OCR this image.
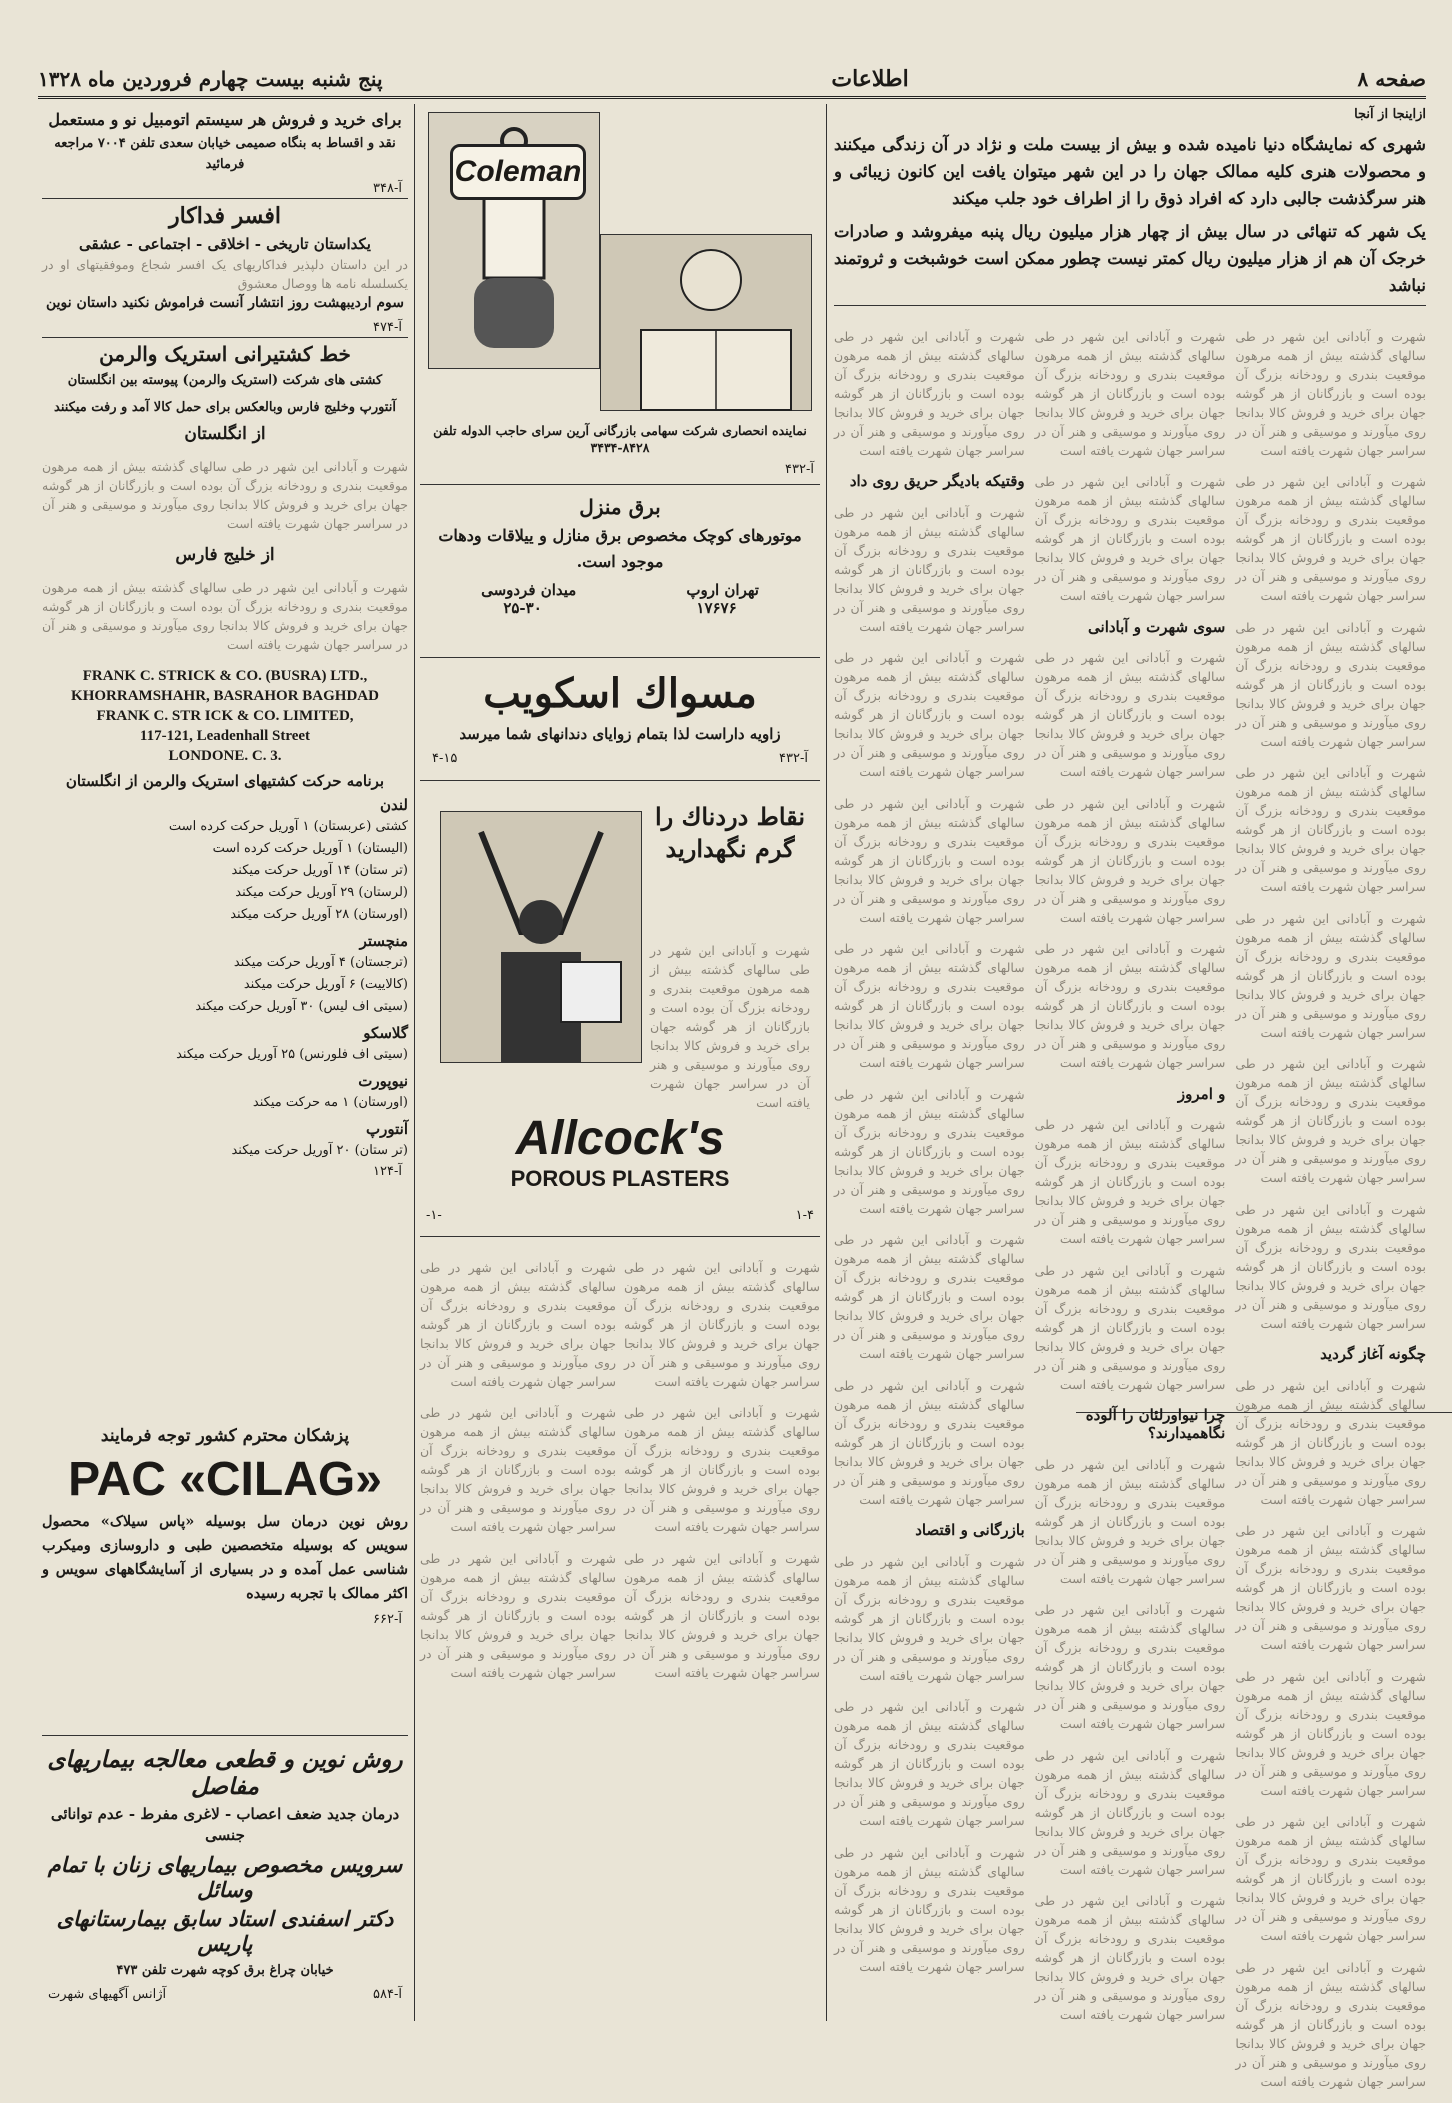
صفحه ۸
اطلاعات
پنج شنبه بیست چهارم فروردین ماه ۱۳۲۸
ازاینجا از آنجا
شهری که نمایشگاه دنیا نامیده شده و بیش از بیست ملت و نژاد در آن زندگی میکنند و محصولات هنری کلیه ممالک جهان را در این شهر میتوان یافت این کانون زیبائی و هنر سرگذشت جالبی دارد که افراد ذوق را از اطراف خود جلب میکند
یک شهر که تنهائی در سال بیش از چهار هزار میلیون ریال پنبه میفروشد و صادرات خرجک آن هم از هزار میلیون ریال کمتر نیست چطور ممکن است خوشبخت و ثروتمند نباشد

شهرت و آبادانی این شهر در طی سالهای گذشته بیش از همه مرهون موقعیت بندری و رودخانه بزرگ آن بوده است و بازرگانان از هر گوشه جهان برای خرید و فروش کالا بدانجا روی میآورند و موسیقی و هنر آن در سراسر جهان شهرت یافته است

شهرت و آبادانی این شهر در طی سالهای گذشته بیش از همه مرهون موقعیت بندری و رودخانه بزرگ آن بوده است و بازرگانان از هر گوشه جهان برای خرید و فروش کالا بدانجا روی میآورند و موسیقی و هنر آن در سراسر جهان شهرت یافته است

شهرت و آبادانی این شهر در طی سالهای گذشته بیش از همه مرهون موقعیت بندری و رودخانه بزرگ آن بوده است و بازرگانان از هر گوشه جهان برای خرید و فروش کالا بدانجا روی میآورند و موسیقی و هنر آن در سراسر جهان شهرت یافته است

شهرت و آبادانی این شهر در طی سالهای گذشته بیش از همه مرهون موقعیت بندری و رودخانه بزرگ آن بوده است و بازرگانان از هر گوشه جهان برای خرید و فروش کالا بدانجا روی میآورند و موسیقی و هنر آن در سراسر جهان شهرت یافته است

شهرت و آبادانی این شهر در طی سالهای گذشته بیش از همه مرهون موقعیت بندری و رودخانه بزرگ آن بوده است و بازرگانان از هر گوشه جهان برای خرید و فروش کالا بدانجا روی میآورند و موسیقی و هنر آن در سراسر جهان شهرت یافته است

شهرت و آبادانی این شهر در طی سالهای گذشته بیش از همه مرهون موقعیت بندری و رودخانه بزرگ آن بوده است و بازرگانان از هر گوشه جهان برای خرید و فروش کالا بدانجا روی میآورند و موسیقی و هنر آن در سراسر جهان شهرت یافته است

شهرت و آبادانی این شهر در طی سالهای گذشته بیش از همه مرهون موقعیت بندری و رودخانه بزرگ آن بوده است و بازرگانان از هر گوشه جهان برای خرید و فروش کالا بدانجا روی میآورند و موسیقی و هنر آن در سراسر جهان شهرت یافته است

چگونه آغاز گردید

شهرت و آبادانی این شهر در طی سالهای گذشته بیش از همه مرهون موقعیت بندری و رودخانه بزرگ آن بوده است و بازرگانان از هر گوشه جهان برای خرید و فروش کالا بدانجا روی میآورند و موسیقی و هنر آن در سراسر جهان شهرت یافته است

شهرت و آبادانی این شهر در طی سالهای گذشته بیش از همه مرهون موقعیت بندری و رودخانه بزرگ آن بوده است و بازرگانان از هر گوشه جهان برای خرید و فروش کالا بدانجا روی میآورند و موسیقی و هنر آن در سراسر جهان شهرت یافته است

شهرت و آبادانی این شهر در طی سالهای گذشته بیش از همه مرهون موقعیت بندری و رودخانه بزرگ آن بوده است و بازرگانان از هر گوشه جهان برای خرید و فروش کالا بدانجا روی میآورند و موسیقی و هنر آن در سراسر جهان شهرت یافته است

شهرت و آبادانی این شهر در طی سالهای گذشته بیش از همه مرهون موقعیت بندری و رودخانه بزرگ آن بوده است و بازرگانان از هر گوشه جهان برای خرید و فروش کالا بدانجا روی میآورند و موسیقی و هنر آن در سراسر جهان شهرت یافته است

شهرت و آبادانی این شهر در طی سالهای گذشته بیش از همه مرهون موقعیت بندری و رودخانه بزرگ آن بوده است و بازرگانان از هر گوشه جهان برای خرید و فروش کالا بدانجا روی میآورند و موسیقی و هنر آن در سراسر جهان شهرت یافته است

شهرت و آبادانی این شهر در طی سالهای گذشته بیش از همه مرهون موقعیت بندری و رودخانه بزرگ آن بوده است و بازرگانان از هر گوشه جهان برای خرید و فروش کالا بدانجا روی میآورند و موسیقی و هنر آن در سراسر جهان شهرت یافته است

شهرت و آبادانی این شهر در طی سالهای گذشته بیش از همه مرهون موقعیت بندری و رودخانه بزرگ آن بوده است و بازرگانان از هر گوشه جهان برای خرید و فروش کالا بدانجا روی میآورند و موسیقی و هنر آن در سراسر جهان شهرت یافته است

سوی شهرت و آبادانی

شهرت و آبادانی این شهر در طی سالهای گذشته بیش از همه مرهون موقعیت بندری و رودخانه بزرگ آن بوده است و بازرگانان از هر گوشه جهان برای خرید و فروش کالا بدانجا روی میآورند و موسیقی و هنر آن در سراسر جهان شهرت یافته است

شهرت و آبادانی این شهر در طی سالهای گذشته بیش از همه مرهون موقعیت بندری و رودخانه بزرگ آن بوده است و بازرگانان از هر گوشه جهان برای خرید و فروش کالا بدانجا روی میآورند و موسیقی و هنر آن در سراسر جهان شهرت یافته است

شهرت و آبادانی این شهر در طی سالهای گذشته بیش از همه مرهون موقعیت بندری و رودخانه بزرگ آن بوده است و بازرگانان از هر گوشه جهان برای خرید و فروش کالا بدانجا روی میآورند و موسیقی و هنر آن در سراسر جهان شهرت یافته است

و امروز

شهرت و آبادانی این شهر در طی سالهای گذشته بیش از همه مرهون موقعیت بندری و رودخانه بزرگ آن بوده است و بازرگانان از هر گوشه جهان برای خرید و فروش کالا بدانجا روی میآورند و موسیقی و هنر آن در سراسر جهان شهرت یافته است

شهرت و آبادانی این شهر در طی سالهای گذشته بیش از همه مرهون موقعیت بندری و رودخانه بزرگ آن بوده است و بازرگانان از هر گوشه جهان برای خرید و فروش کالا بدانجا روی میآورند و موسیقی و هنر آن در سراسر جهان شهرت یافته است

چرا نیواورلئان را آلوده نگاهمیدارند؟

شهرت و آبادانی این شهر در طی سالهای گذشته بیش از همه مرهون موقعیت بندری و رودخانه بزرگ آن بوده است و بازرگانان از هر گوشه جهان برای خرید و فروش کالا بدانجا روی میآورند و موسیقی و هنر آن در سراسر جهان شهرت یافته است

شهرت و آبادانی این شهر در طی سالهای گذشته بیش از همه مرهون موقعیت بندری و رودخانه بزرگ آن بوده است و بازرگانان از هر گوشه جهان برای خرید و فروش کالا بدانجا روی میآورند و موسیقی و هنر آن در سراسر جهان شهرت یافته است

شهرت و آبادانی این شهر در طی سالهای گذشته بیش از همه مرهون موقعیت بندری و رودخانه بزرگ آن بوده است و بازرگانان از هر گوشه جهان برای خرید و فروش کالا بدانجا روی میآورند و موسیقی و هنر آن در سراسر جهان شهرت یافته است

شهرت و آبادانی این شهر در طی سالهای گذشته بیش از همه مرهون موقعیت بندری و رودخانه بزرگ آن بوده است و بازرگانان از هر گوشه جهان برای خرید و فروش کالا بدانجا روی میآورند و موسیقی و هنر آن در سراسر جهان شهرت یافته است

شهرت و آبادانی این شهر در طی سالهای گذشته بیش از همه مرهون موقعیت بندری و رودخانه بزرگ آن بوده است و بازرگانان از هر گوشه جهان برای خرید و فروش کالا بدانجا روی میآورند و موسیقی و هنر آن در سراسر جهان شهرت یافته است

وقتیکه بادیگر حریق روی داد

شهرت و آبادانی این شهر در طی سالهای گذشته بیش از همه مرهون موقعیت بندری و رودخانه بزرگ آن بوده است و بازرگانان از هر گوشه جهان برای خرید و فروش کالا بدانجا روی میآورند و موسیقی و هنر آن در سراسر جهان شهرت یافته است

شهرت و آبادانی این شهر در طی سالهای گذشته بیش از همه مرهون موقعیت بندری و رودخانه بزرگ آن بوده است و بازرگانان از هر گوشه جهان برای خرید و فروش کالا بدانجا روی میآورند و موسیقی و هنر آن در سراسر جهان شهرت یافته است

شهرت و آبادانی این شهر در طی سالهای گذشته بیش از همه مرهون موقعیت بندری و رودخانه بزرگ آن بوده است و بازرگانان از هر گوشه جهان برای خرید و فروش کالا بدانجا روی میآورند و موسیقی و هنر آن در سراسر جهان شهرت یافته است

شهرت و آبادانی این شهر در طی سالهای گذشته بیش از همه مرهون موقعیت بندری و رودخانه بزرگ آن بوده است و بازرگانان از هر گوشه جهان برای خرید و فروش کالا بدانجا روی میآورند و موسیقی و هنر آن در سراسر جهان شهرت یافته است

شهرت و آبادانی این شهر در طی سالهای گذشته بیش از همه مرهون موقعیت بندری و رودخانه بزرگ آن بوده است و بازرگانان از هر گوشه جهان برای خرید و فروش کالا بدانجا روی میآورند و موسیقی و هنر آن در سراسر جهان شهرت یافته است

شهرت و آبادانی این شهر در طی سالهای گذشته بیش از همه مرهون موقعیت بندری و رودخانه بزرگ آن بوده است و بازرگانان از هر گوشه جهان برای خرید و فروش کالا بدانجا روی میآورند و موسیقی و هنر آن در سراسر جهان شهرت یافته است

شهرت و آبادانی این شهر در طی سالهای گذشته بیش از همه مرهون موقعیت بندری و رودخانه بزرگ آن بوده است و بازرگانان از هر گوشه جهان برای خرید و فروش کالا بدانجا روی میآورند و موسیقی و هنر آن در سراسر جهان شهرت یافته است

بازرگانی و اقتصاد

شهرت و آبادانی این شهر در طی سالهای گذشته بیش از همه مرهون موقعیت بندری و رودخانه بزرگ آن بوده است و بازرگانان از هر گوشه جهان برای خرید و فروش کالا بدانجا روی میآورند و موسیقی و هنر آن در سراسر جهان شهرت یافته است

شهرت و آبادانی این شهر در طی سالهای گذشته بیش از همه مرهون موقعیت بندری و رودخانه بزرگ آن بوده است و بازرگانان از هر گوشه جهان برای خرید و فروش کالا بدانجا روی میآورند و موسیقی و هنر آن در سراسر جهان شهرت یافته است

شهرت و آبادانی این شهر در طی سالهای گذشته بیش از همه مرهون موقعیت بندری و رودخانه بزرگ آن بوده است و بازرگانان از هر گوشه جهان برای خرید و فروش کالا بدانجا روی میآورند و موسیقی و هنر آن در سراسر جهان شهرت یافته است

Coleman
نماینده انحصاری شرکت سهامی بازرگانی آرین سرای حاجب الدوله تلفن ۸۴۲۸-۳۴۳۴
آ-۴۳۲
برق منزل
موتورهای کوچک مخصوص برق منازل و ییلاقات ودهات موجود است.
تهران اروپ
میدان فردوسی
۱۷۶۷۶
۲۵-۳۰
مسواك اسكويب
زاویه داراست لذا بتمام زوایای دندانهای شما میرسد
آ-۴۳۲
۴-۱۵
نقاط دردناك را گرم نگهدارید
شهرت و آبادانی این شهر در طی سالهای گذشته بیش از همه مرهون موقعیت بندری و رودخانه بزرگ آن بوده است و بازرگانان از هر گوشه جهان برای خرید و فروش کالا بدانجا روی میآورند و موسیقی و هنر آن در سراسر جهان شهرت یافته است
Allcock's
POROUS PLASTERS
۱-۴
-۱-

شهرت و آبادانی این شهر در طی سالهای گذشته بیش از همه مرهون موقعیت بندری و رودخانه بزرگ آن بوده است و بازرگانان از هر گوشه جهان برای خرید و فروش کالا بدانجا روی میآورند و موسیقی و هنر آن در سراسر جهان شهرت یافته است

شهرت و آبادانی این شهر در طی سالهای گذشته بیش از همه مرهون موقعیت بندری و رودخانه بزرگ آن بوده است و بازرگانان از هر گوشه جهان برای خرید و فروش کالا بدانجا روی میآورند و موسیقی و هنر آن در سراسر جهان شهرت یافته است

شهرت و آبادانی این شهر در طی سالهای گذشته بیش از همه مرهون موقعیت بندری و رودخانه بزرگ آن بوده است و بازرگانان از هر گوشه جهان برای خرید و فروش کالا بدانجا روی میآورند و موسیقی و هنر آن در سراسر جهان شهرت یافته است

شهرت و آبادانی این شهر در طی سالهای گذشته بیش از همه مرهون موقعیت بندری و رودخانه بزرگ آن بوده است و بازرگانان از هر گوشه جهان برای خرید و فروش کالا بدانجا روی میآورند و موسیقی و هنر آن در سراسر جهان شهرت یافته است

شهرت و آبادانی این شهر در طی سالهای گذشته بیش از همه مرهون موقعیت بندری و رودخانه بزرگ آن بوده است و بازرگانان از هر گوشه جهان برای خرید و فروش کالا بدانجا روی میآورند و موسیقی و هنر آن در سراسر جهان شهرت یافته است

شهرت و آبادانی این شهر در طی سالهای گذشته بیش از همه مرهون موقعیت بندری و رودخانه بزرگ آن بوده است و بازرگانان از هر گوشه جهان برای خرید و فروش کالا بدانجا روی میآورند و موسیقی و هنر آن در سراسر جهان شهرت یافته است

برای خرید و فروش هر سیستم اتومبیل نو و مستعمل
نقد و اقساط به بنگاه صمیمی خیابان سعدی تلفن ۷۰۰۴ مراجعه فرمائید
آ-۳۴۸
افسر فداکار
یکداستان تاریخی - اخلاقی - اجتماعی - عشقی
در این داستان دلپذیر فداکاریهای یک افسر شجاع وموفقیتهای او در یکسلسله نامه ها ووصال معشوق
سوم اردیبهشت روز انتشار آنست فراموش نکنید داستان نوین
آ-۴۷۴
خط کشتیرانی استریک والرمن
کشتی های شرکت (استریک والرمن) پیوسته بین انگلستان
آنتورپ وخلیج فارس وبالعکس برای حمل کالا آمد و رفت میکنند
از انگلستان

شهرت و آبادانی این شهر در طی سالهای گذشته بیش از همه مرهون موقعیت بندری و رودخانه بزرگ آن بوده است و بازرگانان از هر گوشه جهان برای خرید و فروش کالا بدانجا روی میآورند و موسیقی و هنر آن در سراسر جهان شهرت یافته است

از خلیج فارس

شهرت و آبادانی این شهر در طی سالهای گذشته بیش از همه مرهون موقعیت بندری و رودخانه بزرگ آن بوده است و بازرگانان از هر گوشه جهان برای خرید و فروش کالا بدانجا روی میآورند و موسیقی و هنر آن در سراسر جهان شهرت یافته است

FRANK C. STRICK & CO. (BUSRA) LTD.,
KHORRAMSHAHR, BASRAHOR BAGHDAD
FRANK C. STR ICK & CO. LIMITED,
117-121, Leadenhall Street
LONDONE. C. 3.
برنامه حرکت کشتیهای استریک والرمن از انگلستان
لندن
کشتی (عربستان) ۱ آوریل حرکت کرده است
(الیستان) ۱ آوریل حرکت کرده است
(تر ستان) ۱۴ آوریل حرکت میکند
(لرستان) ۲۹ آوریل حرکت میکند
(اورستان) ۲۸ آوریل حرکت میکند
منچستر
(ترجستان) ۴ آوریل حرکت میکند
(کالاییت) ۶ آوریل حرکت میکند
(سیتی اف لیس) ۳۰ آوریل حرکت میکند
گلاسکو
(سیتی اف فلورنس) ۲۵ آوریل حرکت میکند
نیوپورت
(اورستان) ۱ مه حرکت میکند
آنتورپ
(تر ستان) ۲۰ آوریل حرکت میکند
آ-۱۲۴
پزشکان محترم کشور توجه فرمایند
PAC «CILAG»
روش نوین درمان سل بوسیله «پاس سیلاک» محصول سویس که بوسیله متخصصین طبی و داروسازی ومیکرب شناسی عمل آمده و در بسیاری از آسایشگاههای سویس و اکثر ممالک با تجربه رسیده
آ-۶۶۲
روش نوین و قطعی معالجه بیماریهای مفاصل
درمان جدید ضعف اعصاب - لاغری مفرط - عدم توانائی جنسی
سرویس مخصوص بیماریهای زنان با تمام وسائل
دکتر اسفندی استاد سابق بیمارستانهای پاریس
خیابان چراغ برق کوچه شهرت تلفن ۴۷۳
آ-۵۸۴
آژانس آگهیهای شهرت
